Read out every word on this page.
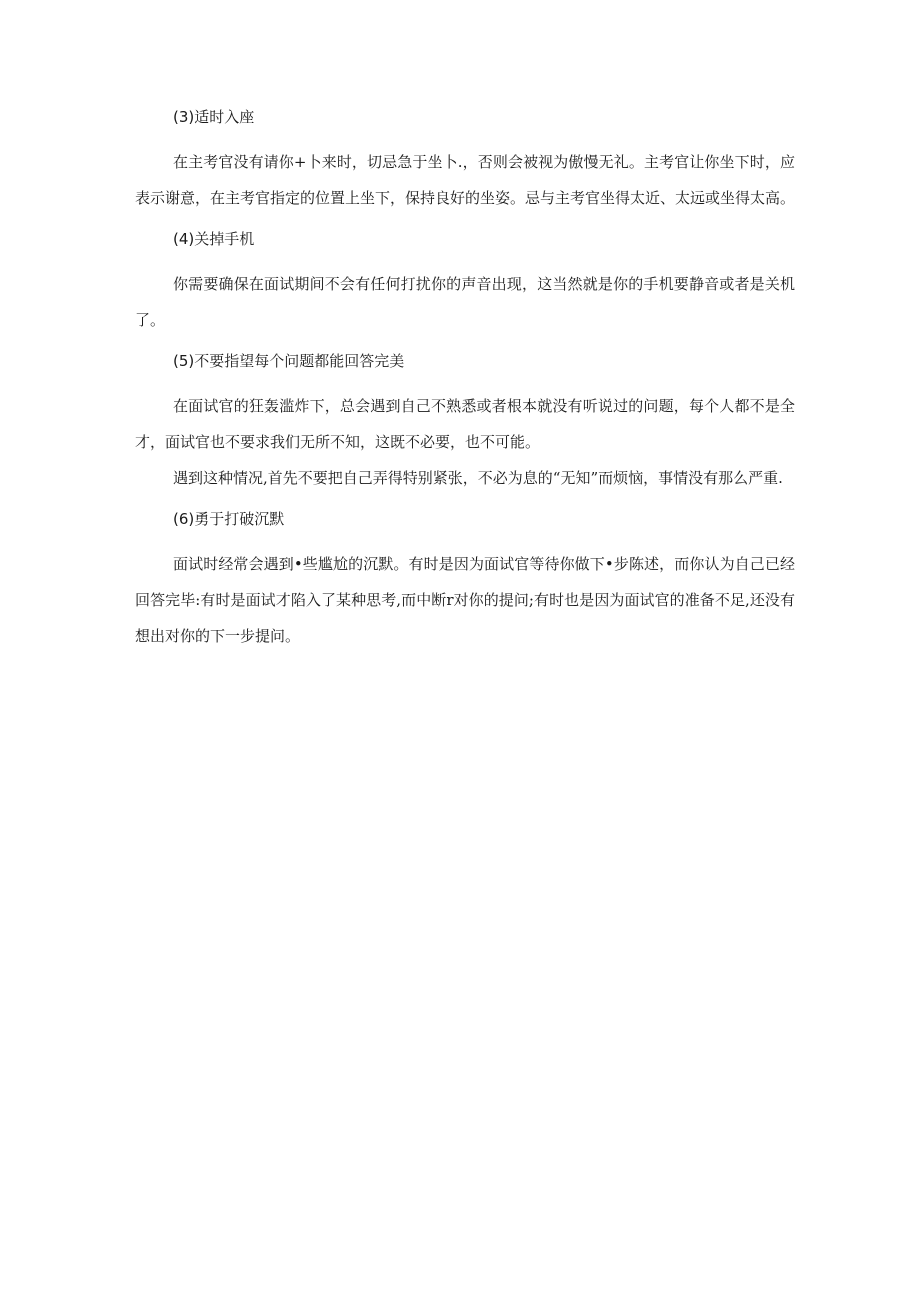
(3)适时入座

在主考官没有请你+卜来时，切忌急于坐卜.，否则会被视为傲慢无礼。主考官让你坐下时，应表示谢意，在主考官指定的位置上坐下，保持良好的坐姿。忌与主考官坐得太近、太远或坐得太高。

(4)关掉手机

你需要确保在面试期间不会有任何打扰你的声音出现，这当然就是你的手机要静音或者是关机了。

(5)不要指望每个问题都能回答完美

在面试官的狂轰滥炸下，总会遇到自己不熟悉或者根本就没有听说过的问题，每个人都不是全才，面试官也不要求我们无所不知，这既不必要，也不可能。

遇到这种情况,首先不要把自己弄得特别紧张，不必为息的“无知”而烦恼，事情没有那么严重.

(6)勇于打破沉默

面试时经常会遇到•些尴尬的沉默。有时是因为面试官等待你做下•步陈述，而你认为自己已经回答完毕:有时是面试才陷入了某种思考,而中断r对你的提问;有时也是因为面试官的准备不足,还没有想出对你的下一步提问。
